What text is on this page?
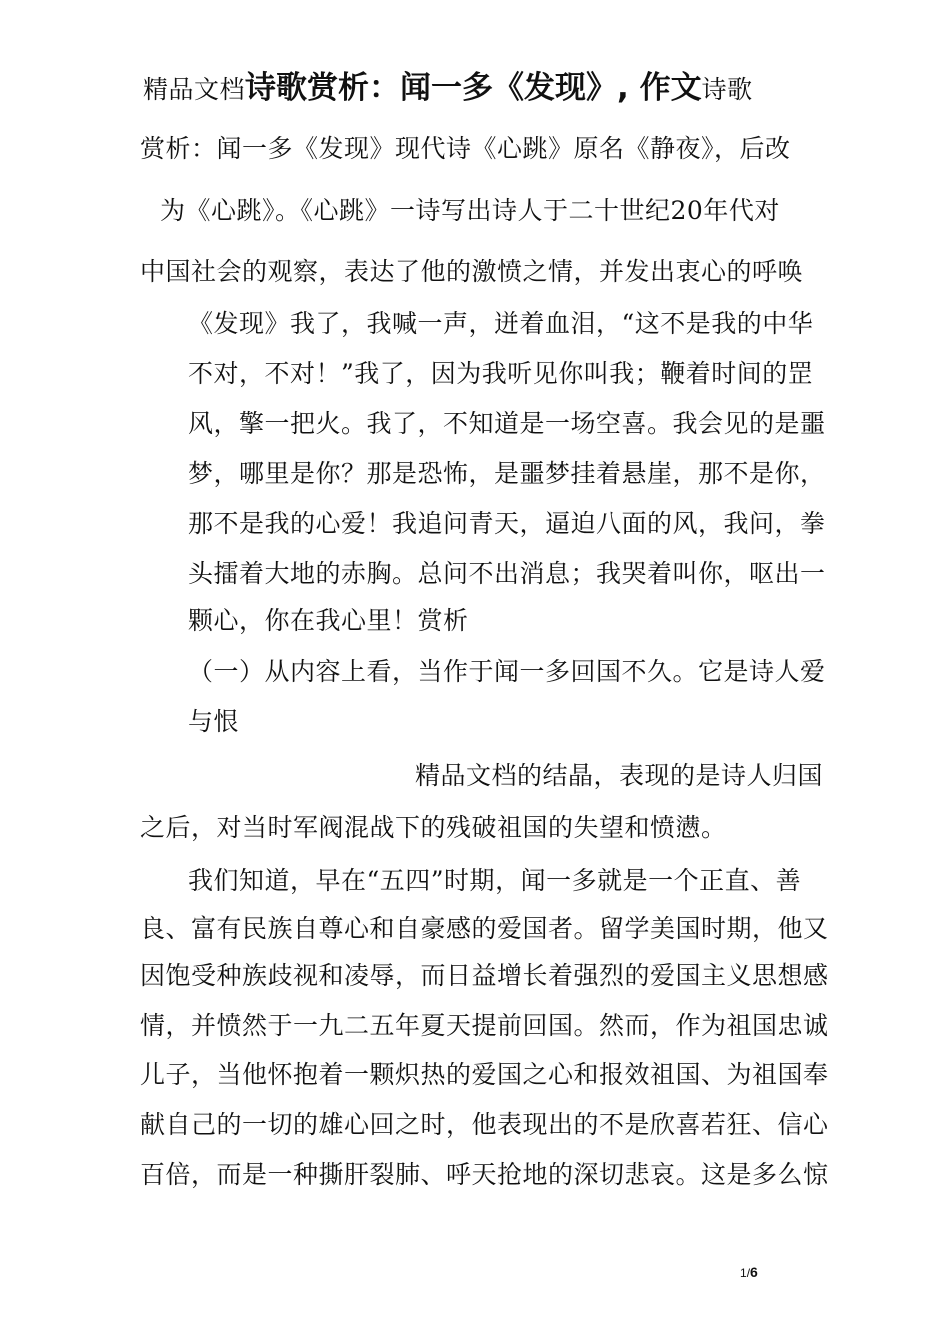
精品文档诗歌赏析：闻一多《发现》, 作文诗歌
赏析：闻一多《发现》现代诗《心跳》原名《静夜》，后改
为《心跳》。《心跳》一诗写出诗人于二十世纪20年代对
中国社会的观察，表达了他的激愤之情，并发出衷心的呼唤
《发现》我了，我喊一声，迸着血泪，“这不是我的中华
不对，不对！”我了，因为我听见你叫我；鞭着时间的罡
风，擎一把火。我了，不知道是一场空喜。我会见的是噩
梦，哪里是你？那是恐怖，是噩梦挂着悬崖，那不是你，
那不是我的心爱！我追问青天，逼迫八面的风，我问，拳
头擂着大地的赤胸。总问不出消息；我哭着叫你，呕出一
颗心，你在我心里！赏析
（一）从内容上看，当作于闻一多回国不久。它是诗人爱
与恨
精品文档的结晶，表现的是诗人归国
之后，对当时军阀混战下的残破祖国的失望和愤懑。
我们知道，早在“五四”时期，闻一多就是一个正直、善
良、富有民族自尊心和自豪感的爱国者。留学美国时期，他又
因饱受种族歧视和凌辱，而日益增长着强烈的爱国主义思想感
情，并愤然于一九二五年夏天提前回国。然而，作为祖国忠诚
儿子，当他怀抱着一颗炽热的爱国之心和报效祖国、为祖国奉
献自己的一切的雄心回之时，他表现出的不是欣喜若狂、信心
百倍，而是一种撕肝裂肺、呼天抢地的深切悲哀。这是多么惊
1/6
